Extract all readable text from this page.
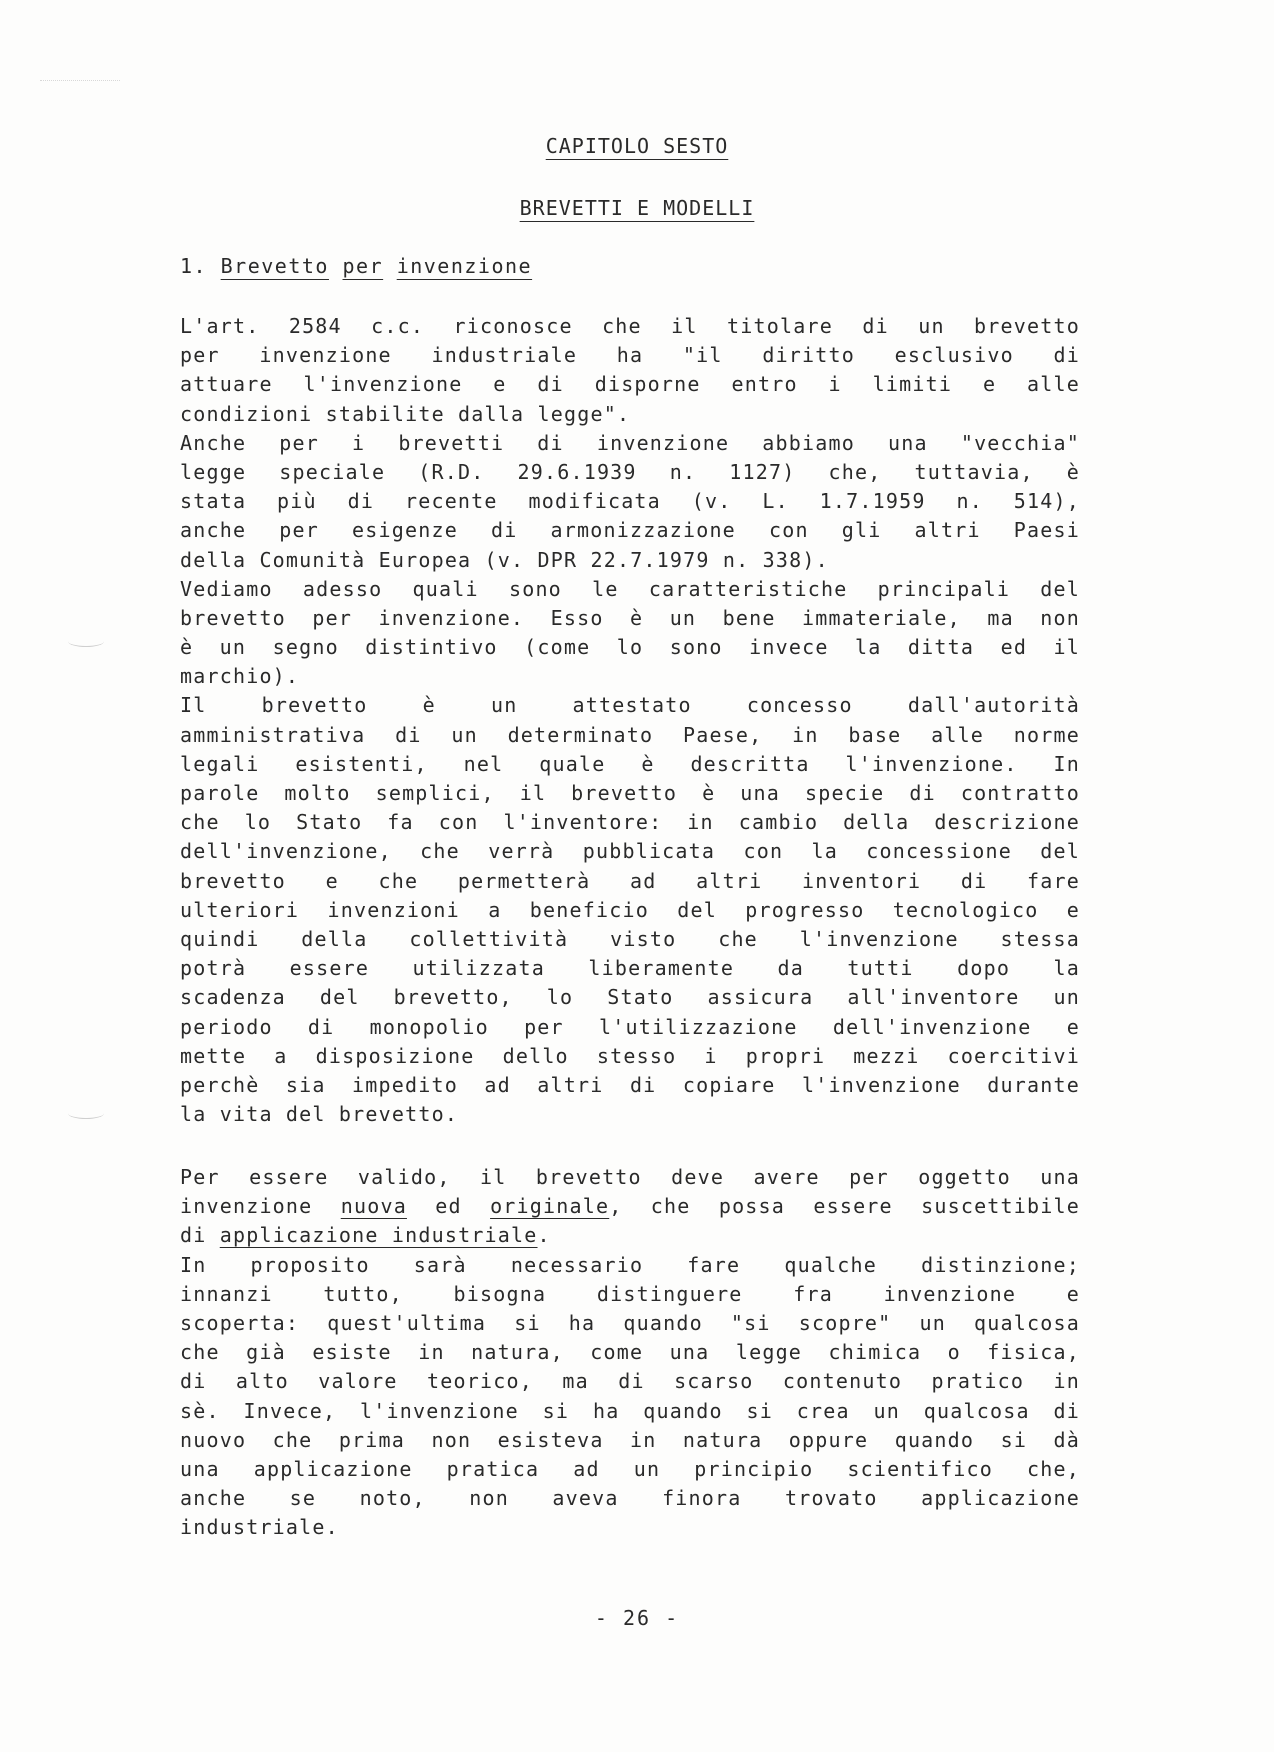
CAPITOLO SESTO
BREVETTI E MODELLI
1. Brevetto per invenzione
L'art. 2584 c.c. riconosce che il titolare di un brevetto
per invenzione industriale ha "il diritto esclusivo di
attuare l'invenzione e di disporne entro i limiti e alle
condizioni stabilite dalla legge".
Anche per i brevetti di invenzione abbiamo una "vecchia"
legge speciale (R.D. 29.6.1939 n. 1127) che, tuttavia, è
stata più di recente modificata (v. L. 1.7.1959 n. 514),
anche per esigenze di armonizzazione con gli altri Paesi
della Comunità Europea (v. DPR 22.7.1979 n. 338).
Vediamo adesso quali sono le caratteristiche principali del
brevetto per invenzione. Esso è un bene immateriale, ma non
è un segno distintivo (come lo sono invece la ditta ed il
marchio).
Il brevetto è un attestato concesso dall'autorità
amministrativa di un determinato Paese, in base alle norme
legali esistenti, nel quale è descritta l'invenzione. In
parole molto semplici, il brevetto è una specie di contratto
che lo Stato fa con l'inventore: in cambio della descrizione
dell'invenzione, che verrà pubblicata con la concessione del
brevetto e che permetterà ad altri inventori di fare
ulteriori invenzioni a beneficio del progresso tecnologico e
quindi della collettività visto che l'invenzione stessa
potrà essere utilizzata liberamente da tutti dopo la
scadenza del brevetto, lo Stato assicura all'inventore un
periodo di monopolio per l'utilizzazione dell'invenzione e
mette a disposizione dello stesso i propri mezzi coercitivi
perchè sia impedito ad altri di copiare l'invenzione durante
la vita del brevetto.
Per essere valido, il brevetto deve avere per oggetto una
invenzione nuova ed originale, che possa essere suscettibile
di applicazione industriale.
In proposito sarà necessario fare qualche distinzione;
innanzi tutto, bisogna distinguere fra invenzione e
scoperta: quest'ultima si ha quando "si scopre" un qualcosa
che già esiste in natura, come una legge chimica o fisica,
di alto valore teorico, ma di scarso contenuto pratico in
sè. Invece, l'invenzione si ha quando si crea un qualcosa di
nuovo che prima non esisteva in natura oppure quando si dà
una applicazione pratica ad un principio scientifico che,
anche se noto, non aveva finora trovato applicazione
industriale.
- 26 -
